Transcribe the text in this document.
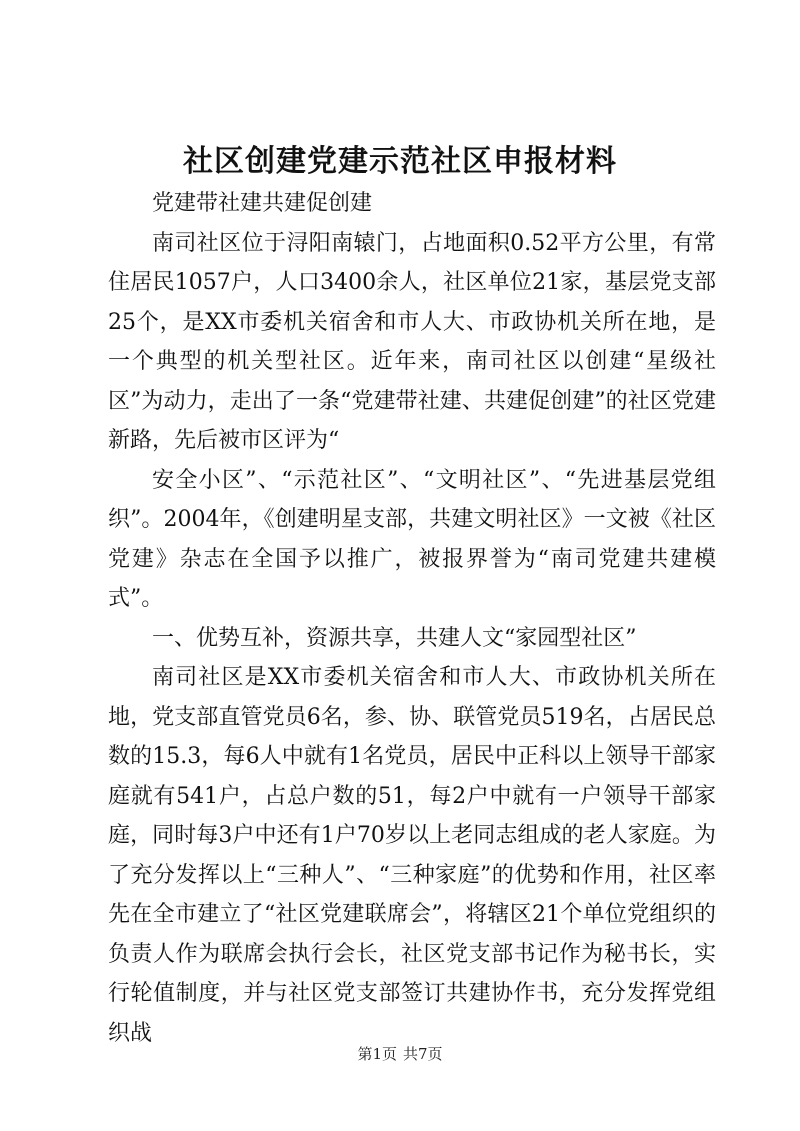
社区创建党建示范社区申报材料

党建带社建共建促创建

南司社区位于浔阳南辕门，占地面积0.52平方公里，有常住居民1057户，人口3400余人，社区单位21家，基层党支部25个，是XX市委机关宿舍和市人大、市政协机关所在地，是一个典型的机关型社区。近年来，南司社区以创建“星级社区”为动力，走出了一条“党建带社建、共建促创建”的社区党建新路，先后被市区评为“

安全小区”、“示范社区”、“文明社区”、“先进基层党组织”。2004年，《创建明星支部，共建文明社区》一文被《社区党建》杂志在全国予以推广，被报界誉为“南司党建共建模式”。

一、优势互补，资源共享，共建人文“家园型社区”

南司社区是XX市委机关宿舍和市人大、市政协机关所在地，党支部直管党员6名，参、协、联管党员519名，占居民总数的15.3，每6人中就有1名党员，居民中正科以上领导干部家庭就有541户，占总户数的51，每2户中就有一户领导干部家庭，同时每3户中还有1户70岁以上老同志组成的老人家庭。为了充分发挥以上“三种人”、“三种家庭”的优势和作用，社区率先在全市建立了“社区党建联席会”，将辖区21个单位党组织的负责人作为联席会执行会长，社区党支部书记作为秘书长，实行轮值制度，并与社区党支部签订共建协作书，充分发挥党组织战

第1页 共7页
